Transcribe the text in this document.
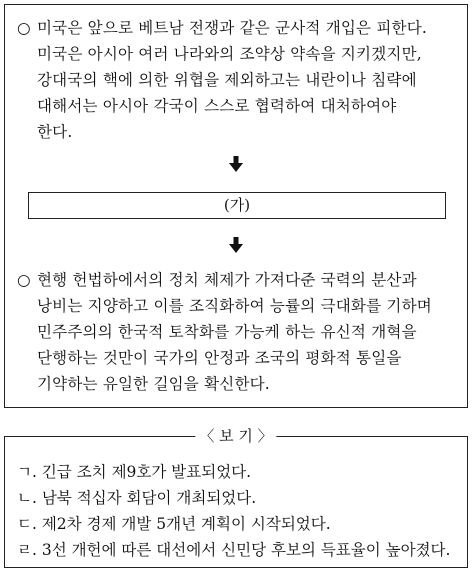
○ 미국은 앞으로 베트남 전쟁과 같은 군사적 개입은 피한다.
미국은 아시아 여러 나라와의 조약상 약속을 지키겠지만,
강대국의 핵에 의한 위협을 제외하고는 내란이나 침략에
대해서는 아시아 각국이 스스로 협력하여 대처하여야
한다.
(가)
○ 현행 헌법하에서의 정치 체제가 가져다준 국력의 분산과
낭비는 지양하고 이를 조직화하여 능률의 극대화를 기하며
민주주의의 한국적 토착화를 가능케 하는 유신적 개혁을
단행하는 것만이 국가의 안정과 조국의 평화적 통일을
기약하는 유일한 길임을 확신한다.
〈 보 기 〉
ㄱ. 긴급 조치 제9호가 발표되었다.
ㄴ. 남북 적십자 회담이 개최되었다.
ㄷ. 제2차 경제 개발 5개년 계획이 시작되었다.
ㄹ. 3선 개헌에 따른 대선에서 신민당 후보의 득표율이 높아졌다.
